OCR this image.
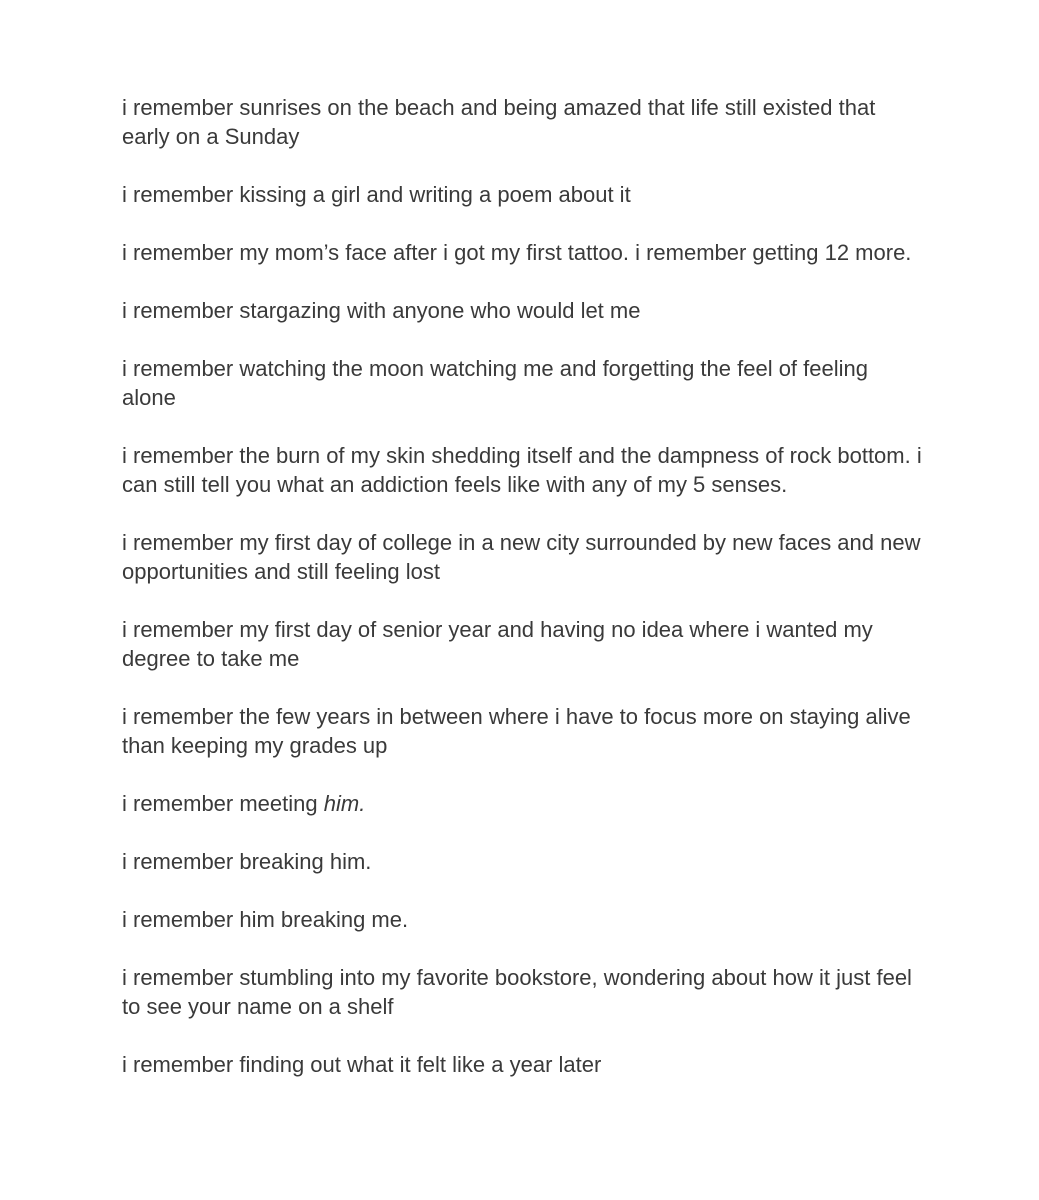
i remember sunrises on the beach and being amazed that life still existed that early on a Sunday

i remember kissing a girl and writing a poem about it

i remember my mom’s face after i got my first tattoo. i remember getting 12 more.

i remember stargazing with anyone who would let me

i remember watching the moon watching me and forgetting the feel of feeling alone

i remember the burn of my skin shedding itself and the dampness of rock bottom. i can still tell you what an addiction feels like with any of my 5 senses.

i remember my first day of college in a new city surrounded by new faces and new opportunities and still feeling lost

i remember my first day of senior year and having no idea where i wanted my degree to take me

i remember the few years in between where i have to focus more on staying alive than keeping my grades up

i remember meeting him.

i remember breaking him.

i remember him breaking me.

i remember stumbling into my favorite bookstore, wondering about how it just feel to see your name on a shelf

i remember finding out what it felt like a year later
